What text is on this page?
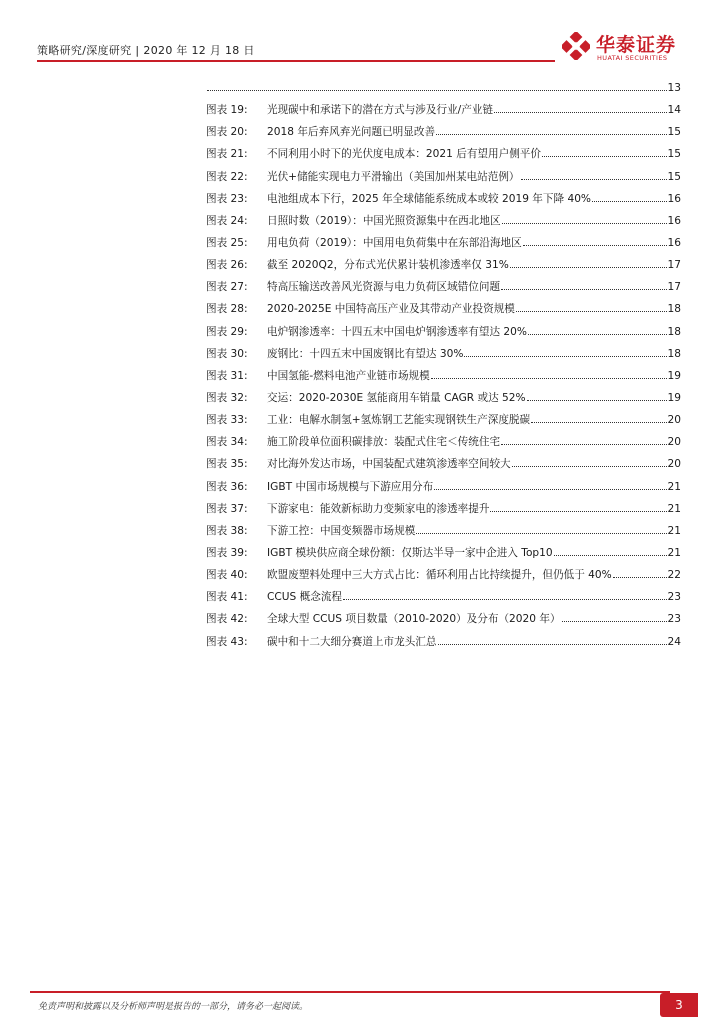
策略研究/深度研究 | 2020 年 12 月 18 日	华泰证券
HUATAI SECURITIES
13
图表 19:	光现碳中和承诺下的潜在方式与涉及行业/产业链	14
图表 20:	2018 年后弃风弃光问题已明显改善	15
图表 21:	不同利用小时下的光伏度电成本：2021 后有望用户侧平价	15
图表 22:	光伏+储能实现电力平滑输出（美国加州某电站范例）	15
图表 23:	电池组成本下行，2025 年全球储能系统成本或较 2019 年下降 40%	16
图表 24:	日照时数（2019）：中国光照资源集中在西北地区	16
图表 25:	用电负荷（2019）：中国用电负荷集中在东部沿海地区	16
图表 26:	截至 2020Q2，分布式光伏累计装机渗透率仅 31%	17
图表 27:	特高压输送改善风光资源与电力负荷区域错位问题	17
图表 28:	2020-2025E 中国特高压产业及其带动产业投资规模	18
图表 29:	电炉钢渗透率：十四五末中国电炉钢渗透率有望达 20%	18
图表 30:	废钢比：十四五末中国废钢比有望达 30%	18
图表 31:	中国氢能-燃料电池产业链市场规模	19
图表 32:	交运：2020-2030E 氢能商用车销量 CAGR 或达 52%	19
图表 33:	工业：电解水制氢+氢炼钢工艺能实现钢铁生产深度脱碳	20
图表 34:	施工阶段单位面积碳排放：装配式住宅＜传统住宅	20
图表 35:	对比海外发达市场，中国装配式建筑渗透率空间较大	20
图表 36:	IGBT 中国市场规模与下游应用分布	21
图表 37:	下游家电：能效新标助力变频家电的渗透率提升	21
图表 38:	下游工控：中国变频器市场规模	21
图表 39:	IGBT 模块供应商全球份额：仅斯达半导一家中企进入 Top10	21
图表 40:	欧盟废塑料处理中三大方式占比：循环利用占比持续提升，但仍低于 40%	22
图表 41:	CCUS 概念流程	23
图表 42:	全球大型 CCUS 项目数量（2010-2020）及分布（2020 年）	23
图表 43:	碳中和十二大细分赛道上市龙头汇总	24
免责声明和披露以及分析师声明是报告的一部分，请务必一起阅读。	3
